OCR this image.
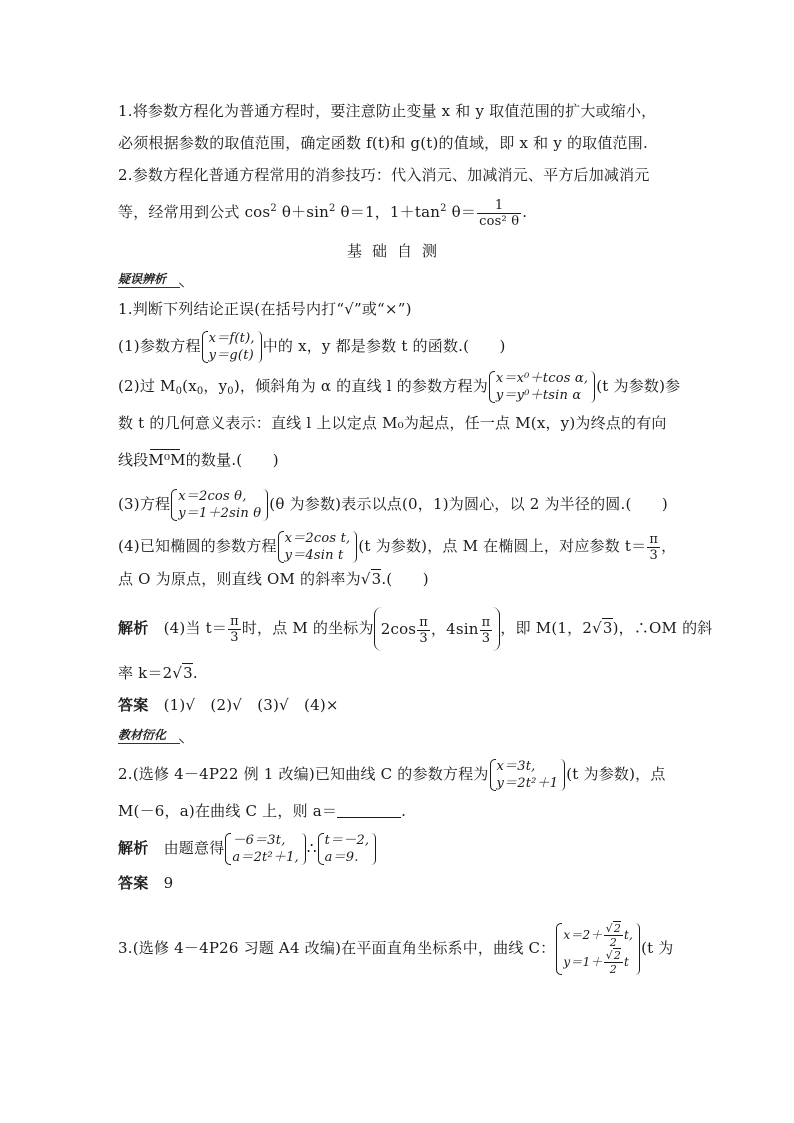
1.将参数方程化为普通方程时，要注意防止变量 x 和 y 取值范围的扩大或缩小，
必须根据参数的取值范围，确定函数 f(t)和 g(t)的值域，即 x 和 y 的取值范围.
2.参数方程化普通方程常用的消参技巧：代入消元、加减消元、平方后加减消元
等，经常用到公式 $\cos^2 \theta+\sin^2$ θ＝1，$1+\tan^2$ $\theta= \frac{1}{\text{cos² θ}}$ .
基础自测
疑误辨析
1.判断下列结论正误(在括号内打“√”或“×”)
(1)参数方程 x＝f(t),
y＝g(t)
中的 x，y 都是参数 t 的函数.(　　)
(2)过 $M_0(x_0$，$y_0$)，倾斜角为 α 的直线 l 的参数方程为 x＝x⁰＋tcos α,
y＝y⁰＋tsin α
(t 为参数)参
数 t 的几何意义表示：直线 l 上以定点 M₀为起点，任一点 M(x，y)为终点的有向
线段M⁰M的数量.(　　)
(3)方程 x＝2cos θ,
y＝1＋2sin θ
(θ 为参数)表示以点(0，1)为圆心，以 2 为半径的圆.(　　)
(4)已知椭圆的参数方程 x＝2cos t,
y＝4sin t
(t 为参数)，点 M 在椭圆上，对应参数 $t= \frac{\pi}{3}$ ，
点 O 为原点，则直线 OM 的斜率为√3.(　　)
解析　 (4)当 $t= \frac{\pi}{3}$ 时，点 M 的坐标为 $2\cos \frac{\pi}{3}$ ，$4\sin \frac{\pi}{3}$ ，即 M(1，2√3)，∴OM 的斜
率 k＝2√3.
答案　 (1)√　(2)√　(3)√　(4)×
教材衍化
2.(选修 4－4P22 例 1 改编)已知曲线 C 的参数方程为 x＝3t,
y＝2t²＋1
(t 为参数)，点
M(－6，a)在曲线 C 上，则 a＝	.
解析　 由题意得 －6＝3t,
a＝2t²＋1,
∴ t＝－2,
a＝9.
答案　 9
3.(选修 4－4P26 习题 A4 改编)在平面直角坐标系中，曲线 C：
$x=2+ \frac{√2}{2} t$,
$y=1+ \frac{√2}{2}$ t
(t 为
